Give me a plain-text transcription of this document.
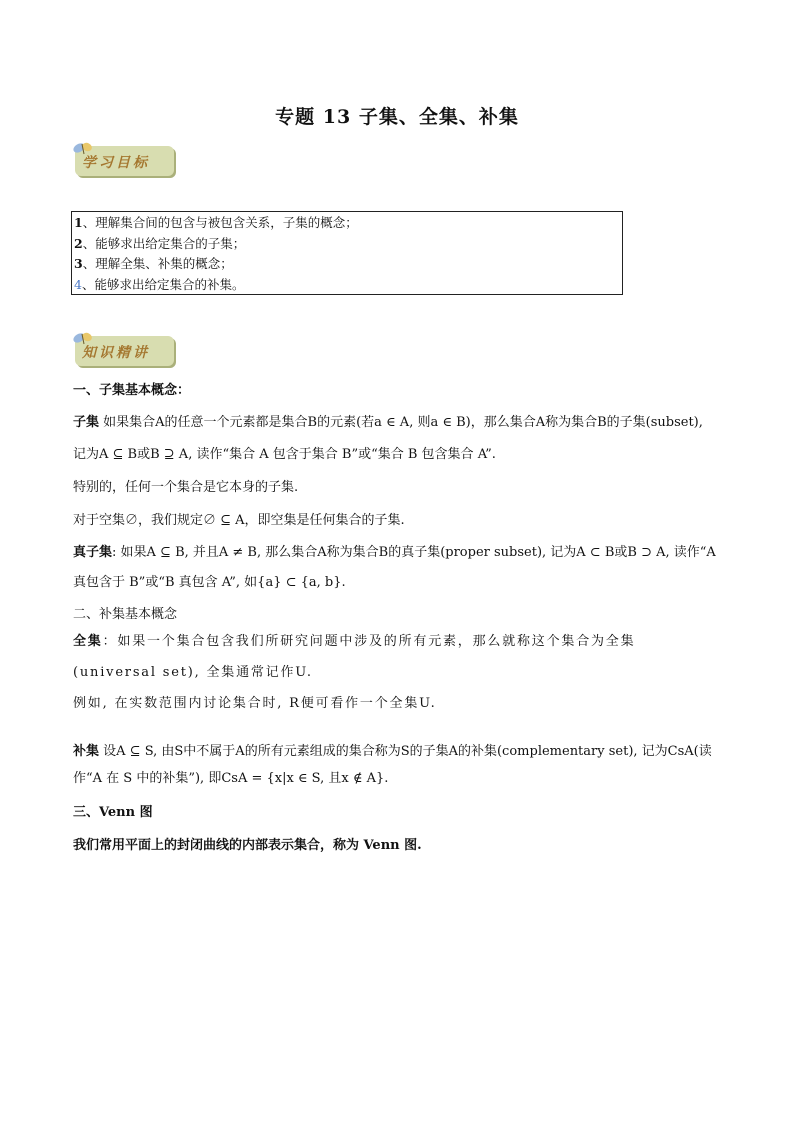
专题 13 子集、全集、补集
学习目标
1、理解集合间的包含与被包含关系，子集的概念；
2、能够求出给定集合的子集；
3、理解全集、补集的概念；
4、能够求出给定集合的补集。
知识精讲
一、子集基本概念：
子集 如果集合A的任意一个元素都是集合B的元素(若a ∈ A, 则a ∈ B)，那么集合A称为集合B的子集(subset),
记为A ⊆ B或B ⊇ A, 读作“集合 A 包含于集合 B”或“集合 B 包含集合 A”.
特别的，任何一个集合是它本身的子集.
对于空集∅，我们规定∅ ⊆ A，即空集是任何集合的子集.
真子集: 如果A ⊆ B, 并且A ≠ B, 那么集合A称为集合B的真子集(proper subset), 记为A ⊂ B或B ⊃ A, 读作“A
真包含于 B”或“B 真包含 A”, 如{a} ⊂ {a, b}.
二、补集基本概念
全集：如果一个集合包含我们所研究问题中涉及的所有元素，那么就称这个集合为全集
(universal set), 全集通常记作U.
例如, 在实数范围内讨论集合时, R便可看作一个全集U.
补集 设A ⊆ S, 由S中不属于A的所有元素组成的集合称为S的子集A的补集(complementary set), 记为CsA(读
作“A 在 S 中的补集”), 即CsA = {x|x ∈ S, 且x ∉ A}.
三、Venn 图
我们常用平面上的封闭曲线的内部表示集合，称为 Venn 图.
